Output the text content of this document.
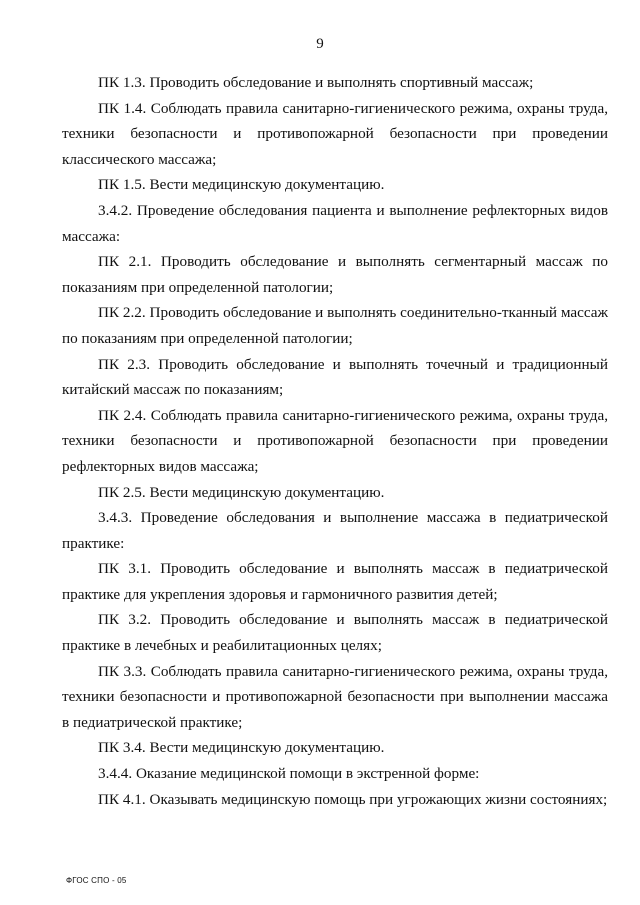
9

ПК 1.3. Проводить обследование и выполнять спортивный массаж;

ПК 1.4. Соблюдать правила санитарно-гигиенического режима, охраны труда, техники безопасности и противопожарной безопасности при проведении классического массажа;

ПК 1.5. Вести медицинскую документацию.

3.4.2. Проведение обследования пациента и выполнение рефлекторных видов массажа:

ПК 2.1. Проводить обследование и выполнять сегментарный массаж по показаниям при определенной патологии;

ПК 2.2. Проводить обследование и выполнять соединительно-тканный массаж по показаниям при определенной патологии;

ПК 2.3. Проводить обследование и выполнять точечный и традиционный китайский массаж по показаниям;

ПК 2.4. Соблюдать правила санитарно-гигиенического режима, охраны труда, техники безопасности и противопожарной безопасности при проведении рефлекторных видов массажа;

ПК 2.5. Вести медицинскую документацию.

3.4.3. Проведение обследования и выполнение массажа в педиатрической практике:

ПК 3.1. Проводить обследование и выполнять массаж в педиатрической практике для укрепления здоровья и гармоничного развития детей;

ПК 3.2. Проводить обследование и выполнять массаж в педиатрической практике в лечебных и реабилитационных целях;

ПК 3.3. Соблюдать правила санитарно-гигиенического режима, охраны труда, техники безопасности и противопожарной безопасности при выполнении массажа в педиатрической практике;

ПК 3.4. Вести медицинскую документацию.

3.4.4. Оказание медицинской помощи в экстренной форме:

ПК 4.1. Оказывать медицинскую помощь при угрожающих жизни состояниях;

ФГОС СПО - 05
